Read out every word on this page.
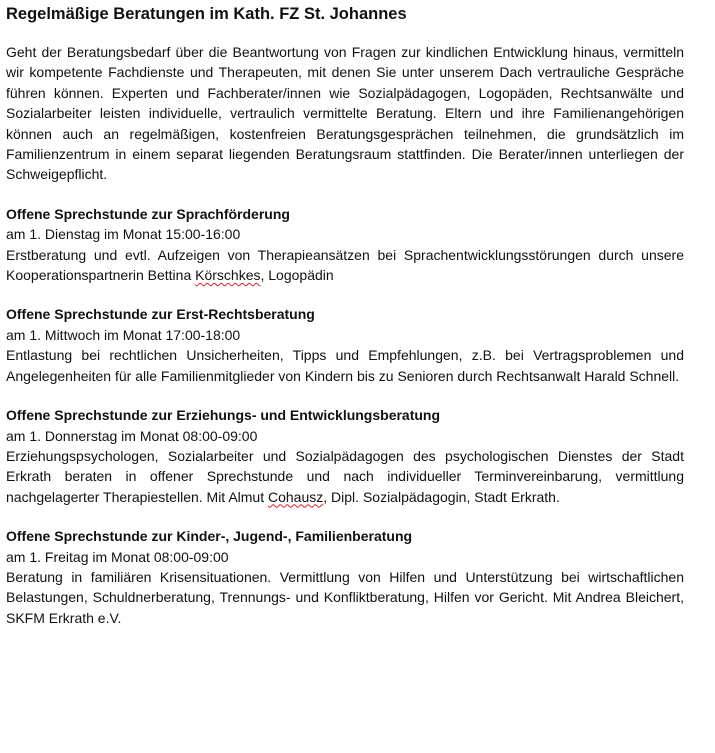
Regelmäßige Beratungen im Kath. FZ St. Johannes

Geht der Beratungsbedarf über die Beantwortung von Fragen zur kindlichen Entwicklung hinaus, vermitteln wir kompetente Fachdienste und Therapeuten, mit denen Sie unter unserem Dach vertrauliche Gespräche führen können. Experten und Fachberater/innen wie Sozialpädagogen, Logopäden, Rechtsanwälte und Sozialarbeiter leisten individuelle, vertraulich vermittelte Beratung. Eltern und ihre Familienangehörigen können auch an regelmäßigen, kostenfreien Beratungsgesprächen teilnehmen, die grundsätzlich im Familienzentrum in einem separat liegenden Beratungsraum stattfinden. Die Berater/innen unterliegen der Schweigepflicht.

Offene Sprechstunde zur Sprachförderung
am 1. Dienstag im Monat 15:00-16:00

Erstberatung und evtl. Aufzeigen von Therapieansätzen bei Sprachentwicklungsstörungen durch unsere Kooperationspartnerin Bettina Körschkes, Logopädin

Offene Sprechstunde zur Erst-Rechtsberatung
am 1. Mittwoch im Monat 17:00-18:00

Entlastung bei rechtlichen Unsicherheiten, Tipps und Empfehlungen, z.B. bei Vertragsproblemen und Angelegenheiten für alle Familienmitglieder von Kindern bis zu Senioren durch Rechtsanwalt Harald Schnell.

Offene Sprechstunde zur Erziehungs- und Entwicklungsberatung
am 1. Donnerstag im Monat 08:00-09:00

Erziehungspsychologen, Sozialarbeiter und Sozialpädagogen des psychologischen Dienstes der Stadt Erkrath beraten in offener Sprechstunde und nach individueller Terminvereinbarung, vermittlung nachgelagerter Therapiestellen. Mit Almut Cohausz, Dipl. Sozialpädagogin, Stadt Erkrath.

Offene Sprechstunde zur Kinder-, Jugend-, Familienberatung
am 1. Freitag im Monat 08:00-09:00

Beratung in familiären Krisensituationen. Vermittlung von Hilfen und Unterstützung bei wirtschaftlichen Belastungen, Schuldnerberatung, Trennungs- und Konfliktberatung, Hilfen vor Gericht. Mit Andrea Bleichert, SKFM Erkrath e.V.
